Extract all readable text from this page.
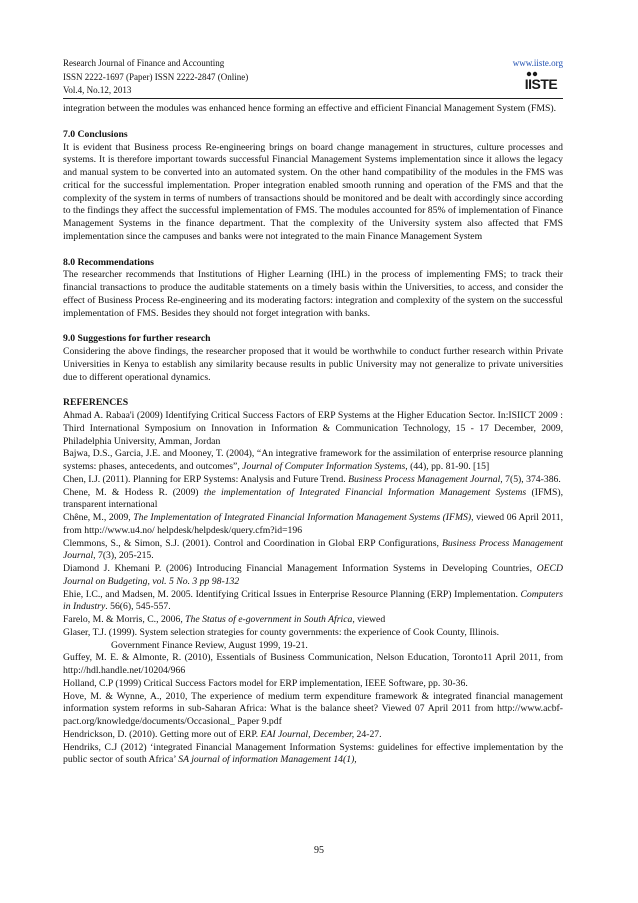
Research Journal of Finance and Accounting
ISSN 2222-1697 (Paper) ISSN 2222-2847 (Online)
Vol.4, No.12, 2013
www.iiste.org
IISTE

integration between the modules was enhanced hence forming an effective and efficient Financial Management System (FMS).

7.0 Conclusions

It is evident that Business process Re-engineering brings on board change management in structures, culture processes and systems. It is therefore important towards successful Financial Management Systems implementation since it allows the legacy and manual system to be converted into an automated system. On the other hand compatibility of the modules in the FMS was critical for the successful implementation. Proper integration enabled smooth running and operation of the FMS and that the complexity of the system in terms of numbers of transactions should be monitored and be dealt with accordingly since according to the findings they affect the successful implementation of FMS. The modules accounted for 85% of implementation of Finance Management Systems in the finance department. That the complexity of the University system also affected that FMS implementation since the campuses and banks were not integrated to the main Finance Management System

8.0 Recommendations

The researcher recommends that Institutions of Higher Learning (IHL) in the process of implementing FMS; to track their financial transactions to produce the auditable statements on a timely basis within the Universities, to access, and consider the effect of Business Process Re-engineering and its moderating factors: integration and complexity of the system on the successful implementation of FMS. Besides they should not forget integration with banks.

9.0 Suggestions for further research

Considering the above findings, the researcher proposed that it would be worthwhile to conduct further research within Private Universities in Kenya to establish any similarity because results in public University may not generalize to private universities due to different operational dynamics.

REFERENCES

Ahmad A. Rabaa'i (2009) Identifying Critical Success Factors of ERP Systems at the Higher Education Sector. In:ISIICT 2009 : Third International Symposium on Innovation in Information & Communication Technology, 15 - 17 December, 2009, Philadelphia University, Amman, Jordan

Bajwa, D.S., Garcia, J.E. and Mooney, T. (2004), “An integrative framework for the assimilation of enterprise resource planning systems: phases, antecedents, and outcomes”, Journal of Computer Information Systems, (44), pp. 81-90. [15]

Chen, I.J. (2011). Planning for ERP Systems: Analysis and Future Trend. Business Process Management Journal, 7(5), 374-386.

Chene, M. & Hodess R. (2009) the implementation of Integrated Financial Information Management Systems (IFMS), transparent international

Chêne, M., 2009, The Implementation of Integrated Financial Information Management Systems (IFMS), viewed 06 April 2011, from http://www.u4.no/ helpdesk/helpdesk/query.cfm?id=196

Clemmons, S., & Simon, S.J. (2001). Control and Coordination in Global ERP Configurations, Business Process Management Journal, 7(3), 205-215.

Diamond J. Khemani P. (2006) Introducing Financial Management Information Systems in Developing Countries, OECD Journal on Budgeting, vol. 5 No. 3 pp 98-132

Ehie, I.C., and Madsen, M. 2005. Identifying Critical Issues in Enterprise Resource Planning (ERP) Implementation. Computers in Industry. 56(6), 545-557.

Farelo, M. & Morris, C., 2006, The Status of e-government in South Africa, viewed

Glaser, T.J. (1999). System selection strategies for county governments: the experience of Cook County, Illinois.

Government Finance Review, August 1999, 19-21.

Guffey, M. E. & Almonte, R. (2010), Essentials of Business Communication, Nelson Education, Toronto11 April 2011, from http://hdl.handle.net/10204/966

Holland, C.P (1999) Critical Success Factors model for ERP implementation, IEEE Software, pp. 30-36.

Hove, M. & Wynne, A., 2010, The experience of medium term expenditure framework & integrated financial management information system reforms in sub-Saharan Africa: What is the balance sheet? Viewed 07 April 2011 from http://www.acbf-pact.org/knowledge/documents/Occasional_ Paper 9.pdf

Hendrickson, D. (2010). Getting more out of ERP. EAI Journal, December, 24-27.

Hendriks, C.J (2012) ‘integrated Financial Management Information Systems: guidelines for effective implementation by the public sector of south Africa’ SA journal of information Management 14(1),

95
